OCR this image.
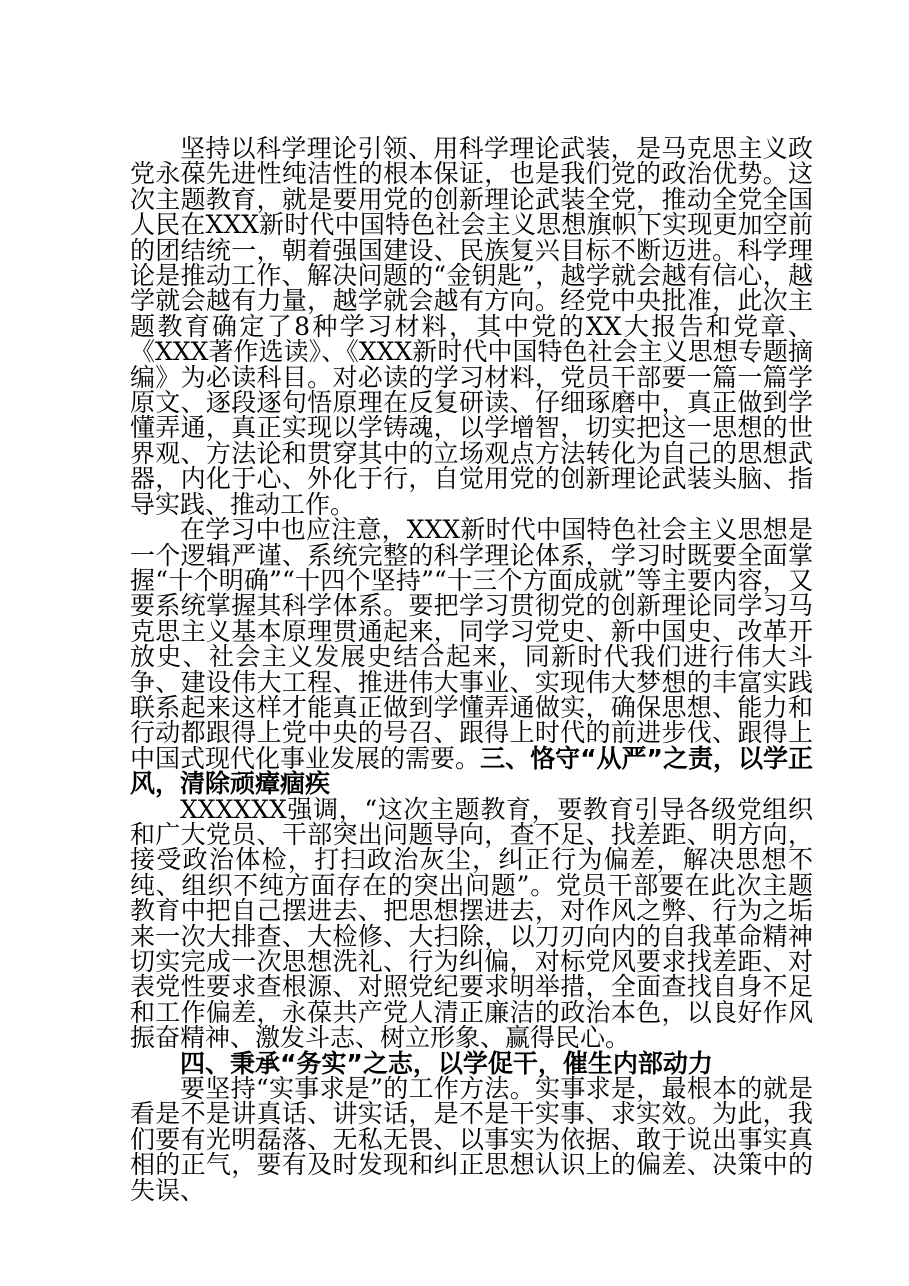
坚持以科学理论引领、用科学理论武装，是马克思主义政党永葆先进性纯洁性的根本保证，也是我们党的政治优势。这次主题教育，就是要用党的创新理论武装全党，推动全党全国人民在XXX新时代中国特色社会主义思想旗帜下实现更加空前的团结统一，朝着强国建设、民族复兴目标不断迈进。科学理论是推动工作、解决问题的“金钥匙”，越学就会越有信心，越学就会越有力量，越学就会越有方向。经党中央批准，此次主题教育确定了8种学习材料，其中党的XX大报告和党章、《XXX著作选读》、《XXX新时代中国特色社会主义思想专题摘编》为必读科目。对必读的学习材料，党员干部要一篇一篇学原文、逐段逐句悟原理在反复研读、仔细琢磨中，真正做到学懂弄通，真正实现以学铸魂，以学增智，切实把这一思想的世界观、方法论和贯穿其中的立场观点方法转化为自己的思想武器，内化于心、外化于行，自觉用党的创新理论武装头脑、指导实践、推动工作。

在学习中也应注意，XXX新时代中国特色社会主义思想是一个逻辑严谨、系统完整的科学理论体系，学习时既要全面掌握“十个明确”“十四个坚持”“十三个方面成就”等主要内容，又要系统掌握其科学体系。要把学习贯彻党的创新理论同学习马克思主义基本原理贯通起来，同学习党史、新中国史、改革开放史、社会主义发展史结合起来，同新时代我们进行伟大斗争、建设伟大工程、推进伟大事业、实现伟大梦想的丰富实践联系起来这样才能真正做到学懂弄通做实，确保思想、能力和行动都跟得上党中央的号召、跟得上时代的前进步伐、跟得上中国式现代化事业发展的需要。三、恪守“从严”之责，以学正风，清除顽瘴痼疾

XXXXXX强调，“这次主题教育，要教育引导各级党组织和广大党员、干部突出问题导向，查不足、找差距、明方向，接受政治体检，打扫政治灰尘，纠正行为偏差，解决思想不纯、组织不纯方面存在的突出问题”。党员干部要在此次主题教育中把自己摆进去、把思想摆进去，对作风之弊、行为之垢来一次大排查、大检修、大扫除，以刀刃向内的自我革命精神切实完成一次思想洗礼、行为纠偏，对标党风要求找差距、对表党性要求查根源、对照党纪要求明举措，全面查找自身不足和工作偏差，永葆共产党人清正廉洁的政治本色，以良好作风振奋精神、激发斗志、树立形象、赢得民心。

四、秉承“务实”之志，以学促干，催生内部动力

要坚持“实事求是”的工作方法。实事求是，最根本的就是看是不是讲真话、讲实话，是不是干实事、求实效。为此，我们要有光明磊落、无私无畏、以事实为依据、敢于说出事实真相的正气，要有及时发现和纠正思想认识上的偏差、决策中的失误、
